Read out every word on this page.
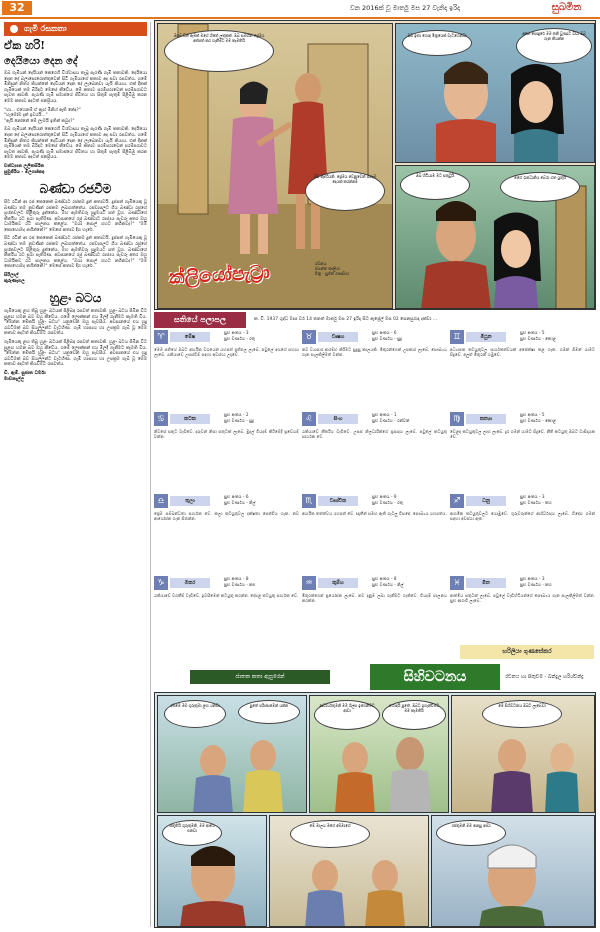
32	වන 2016ක් වූ මාර්තු මස 27 වැනිදා ඉරිදා	සුබමින
ගැමි රසකතා
ඒක හරි!
දෙයියො දෙන දේ
ඔබ ගැමියන් දෙයියන් කෙරෙහි විශ්වාසය තැබූ පැරණි ගැමි කතාවකි. දෙයියො දෙන දේ බලාපොරොත්තුවෙන් සිටි ගැමියාගේ කතාව අද පවා රසවත්ය. ගමේ මිනිසුන් නිතර කියන්නේ දෙවියන් දෙන දේ ලැබෙනවා යැයි කියාය. එක් දිනක් ගැමියෙක් තම බිරිඳට මෙසේ කීවේය. මේ කතාව පරම්පරාවෙන් පරම්පරාවට පැවත ආවකි. පැරැණි ගැමි සමාජයේ ජීවිතය හා සිතුම් පැතුම් පිළිබිඹු කරන මෙම කතාව අදටත් ජනප්‍රියය.
"හා... එහෙනම් ඒ ඇඟ් මිනිහ් ඇති නේද?"
"හැමෝම දැන් ඉවරයි..."
"ඇයි නෝනේ මේ ලැමයි ඉතින් කවුද?"
ඔබ ගැමියන් දෙයියන් කෙරෙහි විශ්වාසය තැබූ පැරණි ගැමි කතාවකි. දෙයියො දෙන දේ බලාපොරොත්තුවෙන් සිටි ගැමියාගේ කතාව අද පවා රසවත්ය. ගමේ මිනිසුන් නිතර කියන්නේ දෙවියන් දෙන දේ ලැබෙනවා යැයි කියාය. එක් දිනක් ගැමියෙක් තම බිරිඳට මෙසේ කීවේය. මේ කතාව පරම්පරාවෙන් පරම්පරාවට පැවත ආවකි. පැරැණි ගැමි සමාජයේ ජීවිතය හා සිතුම් පැතුම් පිළිබිඹු කරන මෙම කතාව අදටත් ජනප්‍රියය.
වන්ධ්‍යාන ලලිතසිරිත
සුමුජිරිය - මිලගස්කඳ
බණ්ඩා රජවීම
පිට රටින් ආ රජ කෙනෙක් බණ්ඩාට රජකම දුන් කතාවයි. දුප්පත් ගැමියෙකු වූ බණ්ඩා තම නුවණින් රජකම ලබාගත්තේය. රජවාසලට ගිය බණ්ඩා රජුගේ ප්‍රශ්නවලට පිළිතුරු දුන්නේය. මහ ඇමතිවරු පුදුමයට පත් වූහ. බණ්ඩාගේ කීර්තිය රට පුරා පැතිරිණ. අවසානයේ රජු බණ්ඩාට රාජ්‍යය පැවරූ අතර ඔහු ධාර්මිකව රට පාලනය කළේය. "ඔයා පොල් ගහට නගිනවද?" "මම කොහොමද නගින්නේ?" මෙසේ කතාව දිග හැරේ.
පිට රටින් ආ රජ කෙනෙක් බණ්ඩාට රජකම දුන් කතාවයි. දුප්පත් ගැමියෙකු වූ බණ්ඩා තම නුවණින් රජකම ලබාගත්තේය. රජවාසලට ගිය බණ්ඩා රජුගේ ප්‍රශ්නවලට පිළිතුරු දුන්නේය. මහ ඇමතිවරු පුදුමයට පත් වූහ. බණ්ඩාගේ කීර්තිය රට පුරා පැතිරිණ. අවසානයේ රජු බණ්ඩාට රාජ්‍යය පැවරූ අතර ඔහු ධාර්මිකව රට පාලනය කළේය. "ඔයා පොල් ගහට නගිනවද?" "මම කොහොමද නගින්නේ?" මෙසේ කතාව දිග හැරේ.
සිරිලාල්
කුරුණෑගල
හුළං බටය
ගැමියෙකු ළඟ තිබූ හුළං බටයක් පිළිබඳ රසවත් කතාවකි. හුළං බටය පිඹින විට සුළඟ හමන බව ඔහු කීවේය. ගමේ ලොක්කන් එය මිලදී ගැනීමට කැමති විය. "මෙන්න මේකයි හුළං බටය" යනුවෙන් ඔහු පැවසීය. අවසානයේ එය හුදු රැවටීමක් බව සියල්ලන්ට වැටහිණ. ගැමි හාස්‍යය හා උපක්‍රම ගැබ් වූ මෙම කතාව අදටත් කියවීමට රසවත්ය.
ගැමියෙකු ළඟ තිබූ හුළං බටයක් පිළිබඳ රසවත් කතාවකි. හුළං බටය පිඹින විට සුළඟ හමන බව ඔහු කීවේය. ගමේ ලොක්කන් එය මිලදී ගැනීමට කැමති විය. "මෙන්න මේකයි හුළං බටය" යනුවෙන් ඔහු පැවසීය. අවසානයේ එය හුදු රැවටීමක් බව සියල්ලන්ට වැටහිණ. ගැමි හාස්‍යය හා උපක්‍රම ගැබ් වූ මෙම කතාව අදටත් කියවීමට රසවත්ය.
ඩී. ඇම්. සුජාත ධර්මා
මාවනැල්ල
ඔබේ සිත් ඇමක් මගේ හිතේ ලතුකක්. ඔබ සමඟින් ප්‍රේමය අත්පත් කර ගැනීමට මම කැමතියි
ඔබ ඉතා හොඳ මිත්‍රයෙක් වැටහෙනවා	අනේ සොඳුරේ මම තනි වුණාට වඩා ඔබ ගැන කියන්න
ඔබ හිටියාම මට සතුටුයි	මගේ රාජධානිය බේරා ගත යුතුයි
ඔව් කුමරියනි, ප්‍රේමය වෙනුවෙන් ඕනෑම දෙයක් කරන්නම්
ක්ලියෝපැට්‍රා	රචනය
ජයන්ත කාලිංග
චිත්‍ර - සුජිත් රණසිංහ
සතියේ පලාපල	ක. වි. 1937 ශුද්ධ මාස වර් 14 තනත් මාර්තු මස 27 ඉරිදා සිට ඇප්‍රේල් මස 02 සෙනසුරාදා දක්වා ...
♈	මේෂ
සුභ අංකය - 3
සුභ වර්ණය - රතු
මෙම සතියේ ඔබට ආර්ථික වශයෙන් යහපත් ප්‍රතිඵල ලැබේ. පවුලේ අයගේ සහාය ලැබේ. රැකියාවේ උසස්වීම් සඳහා අවස්ථා උදාවේ.
♉	වෘෂභ
සුභ අංකය - 6
සුභ වර්ණය - සුදු
නව ව්‍යාපාර ආරම්භ කිරීමට සුදුසු කාලයකි. මිතුරන්ගෙන් උපකාර ලැබේ. සෞඛ්‍යය ගැන සැලකිලිමත් වන්න.
♊	මිථුන
සුභ අංකය - 5
සුභ වර්ණය - කොළ
අධ්‍යාපන කටයුතුවල සාර්ථකත්වයක් අපේක්ෂා කළ හැක. ගමන් බිමන් යාමට සිදුවේ. අලුත් මිතුරන් හමුවේ.
♋	කටක
සුභ අංකය - 2
සුභ වර්ණය - සුදු
නිවසේ සතුට වැඩිවේ. දරුවන් නිසා සතුටක් ලැබේ. මුදල් වියදම් කිරීමේදී ප්‍රවේශම් වන්න.
♌	සිංහ
සුභ අංකය - 1
සුභ වර්ණය - රන්වන්
රැකියාවේ කීර්තිය වැඩිවේ. උසස් නිලධාරීන්ගේ ප්‍රසාදය ලැබේ. පවුලේ කටයුතු සාර්ථක වේ.
♍	කන්‍යා
සුභ අංකය - 5
සුභ වර්ණය - කොළ
වෙළඳ කටයුතුවල ලාභ ලැබේ. දුර ගමන් යාමට සිදුවේ. නීති කටයුතු ඔබට වාසිදායක වේ.
♎	තුලා
සුභ අංකය - 6
සුභ වර්ණය - නිල්
ප්‍රේම සම්බන්ධතා සාර්ථක වේ. කලා කටයුතුවල දක්ෂතා පෙන්විය හැක. නව ආයෝජන ගැන සිතන්න.
♏	වෘශ්චික
සුභ අංකය - 9
සුභ වර්ණය - රතු
ආර්ථික තත්ත්වය යහපත් වේ. ඥාතීන් සමඟ ඇති ගැටලු විසඳේ. සෞඛ්‍යය යහපත්ය.
♐	ධනු
සුභ අංකය - 3
සුභ වර්ණය - කහ
ආගමික කටයුතුවලට යොමුවේ. ගුරුවරුන්ගේ ආශිර්වාදය ලැබේ. විදේශ ගමන් සඳහා අවස්ථා ඇත.
♑	මකර
සුභ අංකය - 8
සුභ වර්ණය - කළු
රැකියාවේ වගකීම් වැඩිවේ. ඉවසීමෙන් කටයුතු කරන්න. දේපළ කටයුතු සාර්ථක වේ.
♒	කුම්භ
සුභ අංකය - 8
සුභ වර්ණය - නිල්
මිතුරන්ගෙන් ප්‍රයෝජන ලැබේ. නව දැනුම ලබා ගැනීමට හැකිවේ. වියදම් පාලනය කරන්න.
♓	මීන
සුභ අංකය - 3
සුභ වර්ණය - කහ
ආත්මීය සතුටක් ලැබේ. පවුලේ වැඩිහිටියන්ගේ සෞඛ්‍යය ගැන සැලකිලිමත් වන්න. සුභ ආරංචි ලැබේ.
හරිලියා ගුණසේකර
ජාතක කතා ඇසුරෙන්	සිහිවටනය	රචනය හා සිතුවම - බන්දුල හරිශ්චන්ද්‍ර
අම්මේ මම ගුරුතුමා ළඟ යනවා	පුතේ පරිස්සමෙන් යන්න	ආචාර්යතුමනි මම ශිල්ප ඉගෙනීමට ආවා
හොඳයි පුතේ, ඔබට ඉගැන්වීමට මම කැමතියි
මේ සිහිවටනය ඔබට ලැබේවා
ස්තූතියි ගුරුතුමනි, මම ආයෙ එනවා
මේ මාලය මගේ අම්මාගේ	රජතුමනි මම ආපසු ආවා
